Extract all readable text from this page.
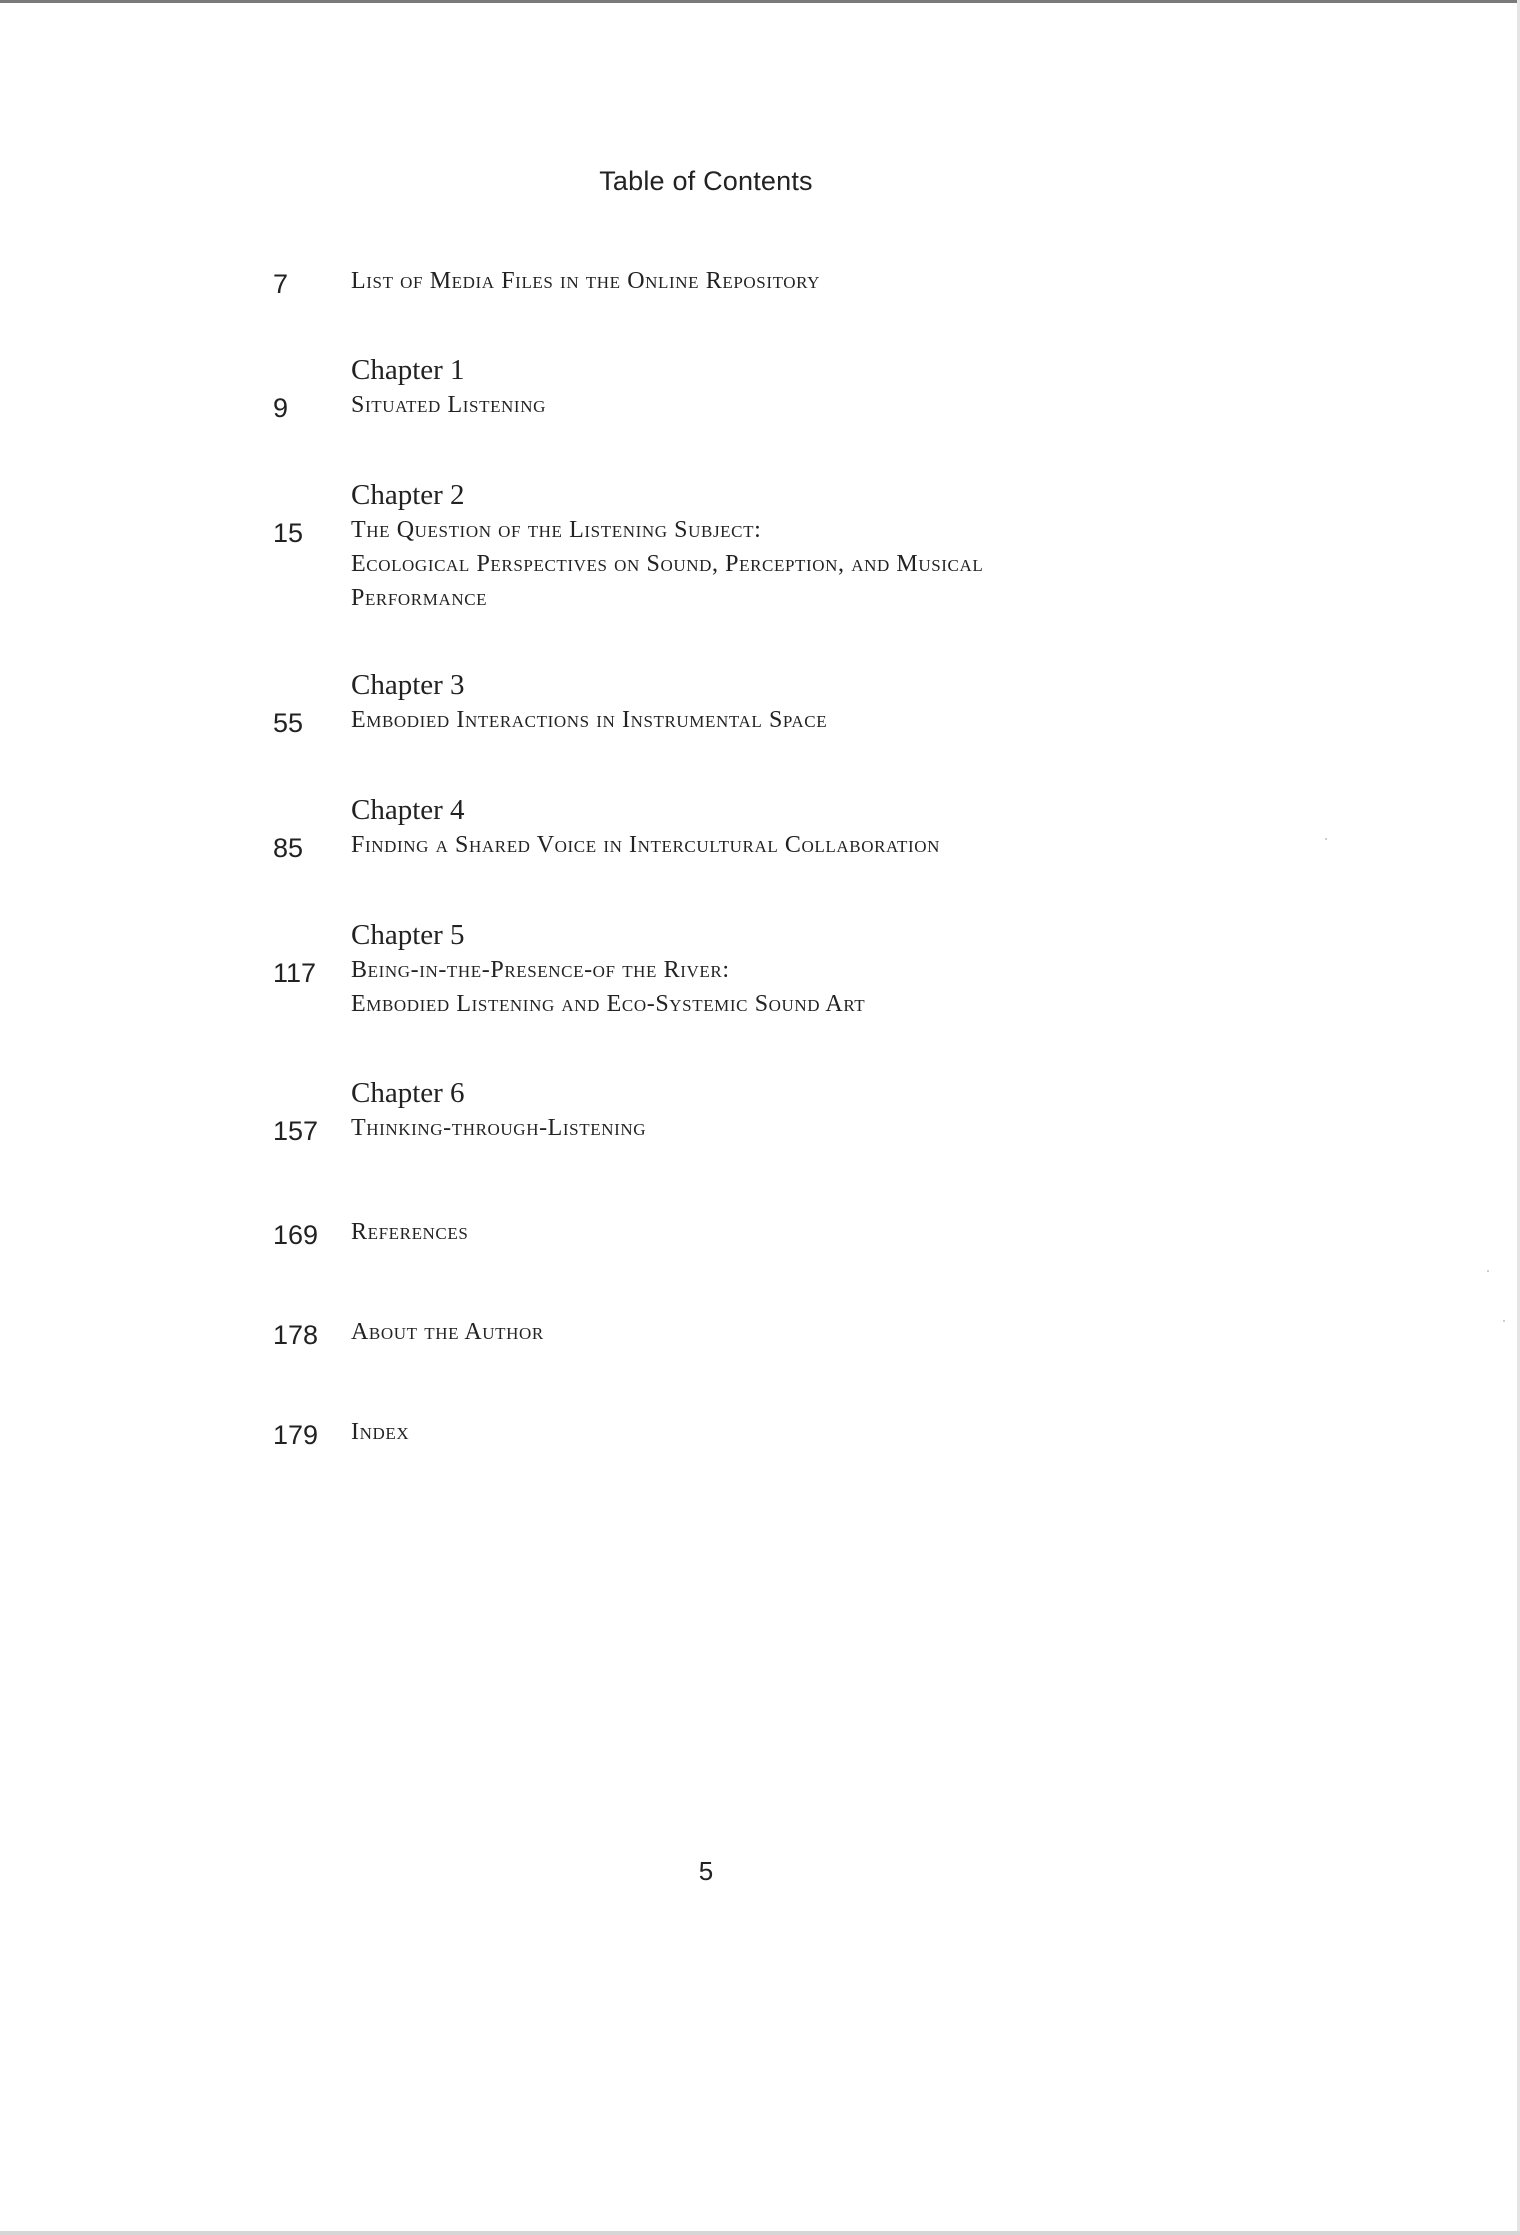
Table of Contents
7	List of Media Files in the Online Repository
9
Chapter 1
Situated Listening
15
Chapter 2
The Question of the Listening Subject:
Ecological Perspectives on Sound, Perception, and Musical
Performance
55
Chapter 3
Embodied Interactions in Instrumental Space
85
Chapter 4
Finding a Shared Voice in Intercultural Collaboration
117
Chapter 5
Being-in-the-Presence-of the River:
Embodied Listening and Eco-Systemic Sound Art
157
Chapter 6
Thinking-through-Listening
169 References
178 About the Author
179 Index
5
